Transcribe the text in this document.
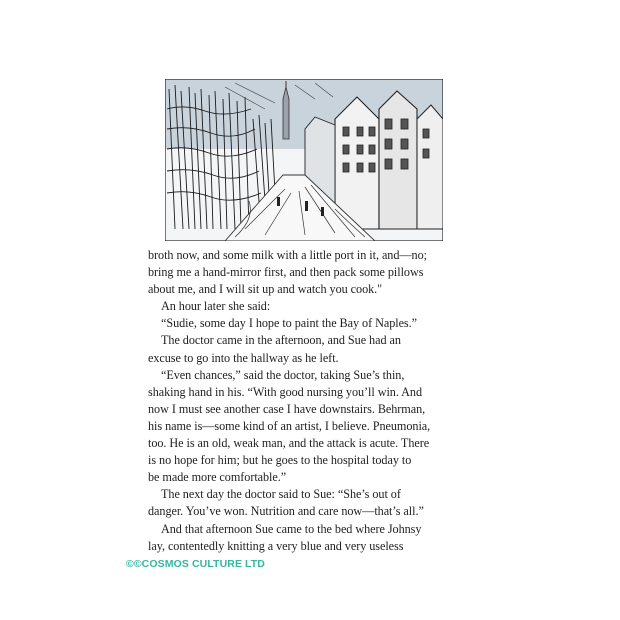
broth now, and some milk with a little port in it, and—no;
bring me a hand-mirror first, and then pack some pillows
about me, and I will sit up and watch you cook."
An hour later she said:
“Sudie, some day I hope to paint the Bay of Naples.”
The doctor came in the afternoon, and Sue had an
excuse to go into the hallway as he left.
“Even chances,” said the doctor, taking Sue’s thin,
shaking hand in his. “With good nursing you’ll win. And
now I must see another case I have downstairs. Behrman,
his name is—some kind of an artist, I believe. Pneumonia,
too. He is an old, weak man, and the attack is acute. There
is no hope for him; but he goes to the hospital today to
be made more comfortable.”
The next day the doctor said to Sue: “She’s out of
danger. You’ve won. Nutrition and care now—that’s all.”
And that afternoon Sue came to the bed where Johnsy
lay, contentedly knitting a very blue and very useless
©©COSMOS CULTURE LTD
